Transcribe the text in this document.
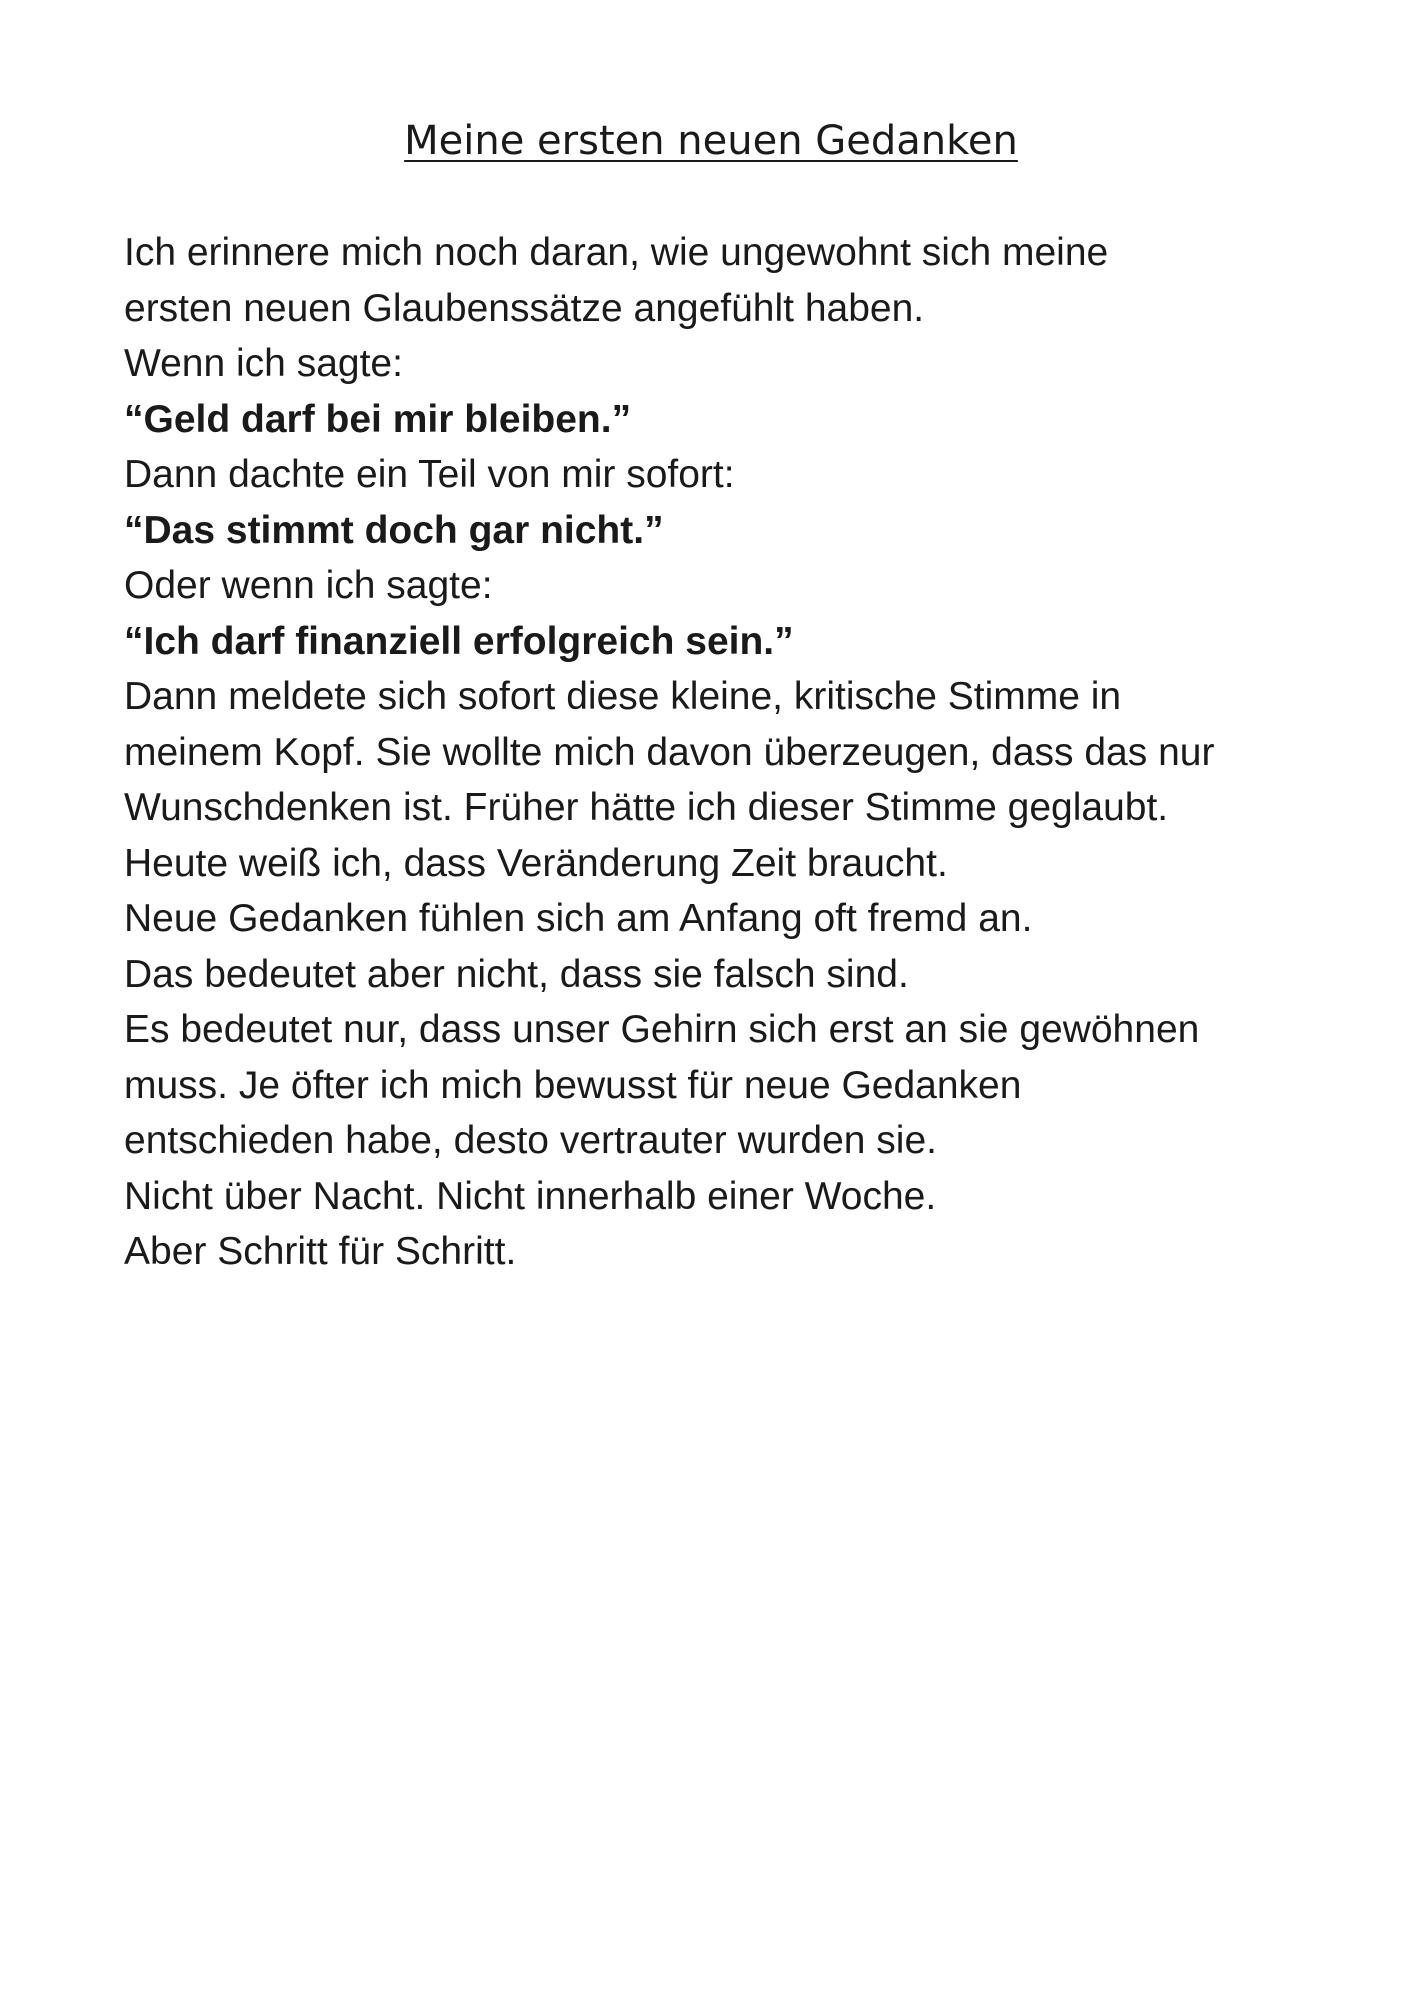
Meine ersten neuen Gedanken
Ich erinnere mich noch daran, wie ungewohnt sich meine
ersten neuen Glaubenssätze angefühlt haben.
Wenn ich sagte:
“Geld darf bei mir bleiben.”
Dann dachte ein Teil von mir sofort:
“Das stimmt doch gar nicht.”
Oder wenn ich sagte:
“Ich darf finanziell erfolgreich sein.”
Dann meldete sich sofort diese kleine, kritische Stimme in
meinem Kopf. Sie wollte mich davon überzeugen, dass das nur
Wunschdenken ist. Früher hätte ich dieser Stimme geglaubt.
Heute weiß ich, dass Veränderung Zeit braucht.
Neue Gedanken fühlen sich am Anfang oft fremd an.
Das bedeutet aber nicht, dass sie falsch sind.
Es bedeutet nur, dass unser Gehirn sich erst an sie gewöhnen
muss. Je öfter ich mich bewusst für neue Gedanken
entschieden habe, desto vertrauter wurden sie.
Nicht über Nacht. Nicht innerhalb einer Woche.
Aber Schritt für Schritt.
